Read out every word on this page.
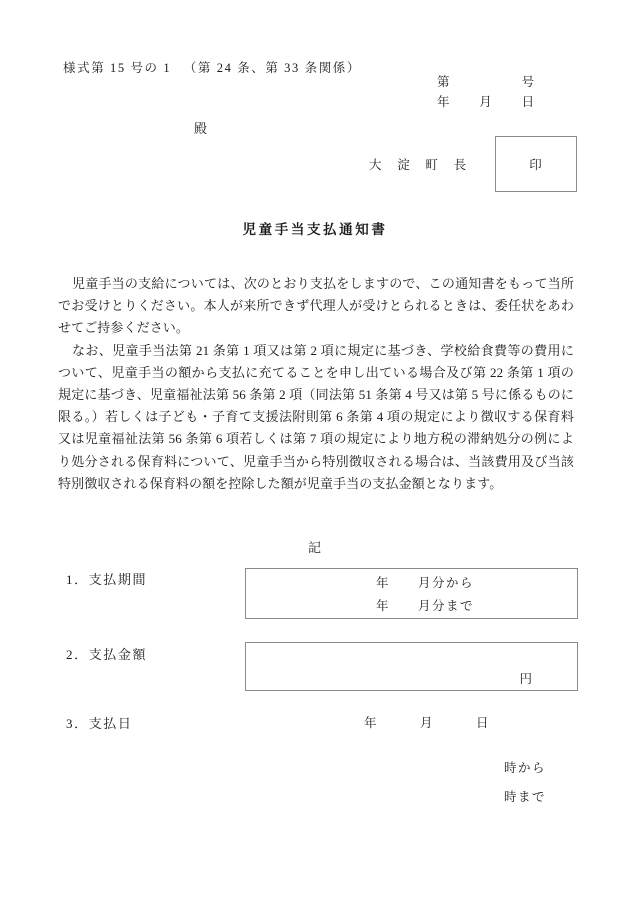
様式第 15 号の 1 　（第 24 条、第 33 条関係）
第　　　　　号
年　　月　　日
殿
大　淀　町　長	印
児童手当支払通知書

児童手当の支給については、次のとおり支払をしますので、この通知書をもって当所でお受けとりください。本人が来所できず代理人が受けとられるときは、委任状をあわせてご持参ください。

なお、児童手当法第 21 条第 1 項又は第 2 項に規定に基づき、学校給食費等の費用について、児童手当の額から支払に充てることを申し出ている場合及び第 22 条第 1 項の規定に基づき、児童福祉法第 56 条第 2 項（同法第 51 条第 4 号又は第 5 号に係るものに限る。）若しくは子ども・子育て支援法附則第 6 条第 4 項の規定により徴収する保育料又は児童福祉法第 56 条第 6 項若しくは第 7 項の規定により地方税の滞納処分の例により処分される保育料について、児童手当から特別徴収される場合は、当該費用及び当該特別徴収される保育料の額を控除した額が児童手当の支払金額となります。

記
1．支払期間	年　　月分から
年　　月分まで
2．支払金額
円
3．支払日	年　　　月　　　日
時から
時まで
